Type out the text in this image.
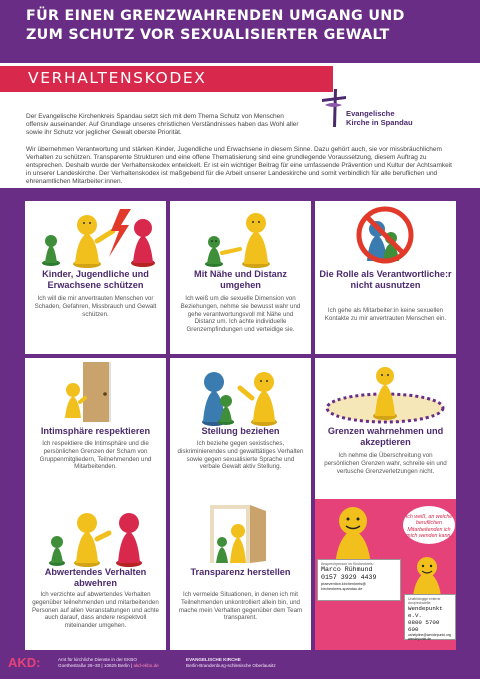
FÜR EINEN GRENZWAHRENDEN UMGANG UND
ZUM SCHUTZ VOR SEXUALISIERTER GEWALT
VERHALTENSKODEX
Evangelische
Kirche in Spandau
Der Evangelische Kirchenkreis Spandau setzt sich mit dem Thema Schutz von Menschen offensiv auseinander. Auf Grundlage unseres christlichen Verständnisses haben das Wohl aller sowie ihr Schutz vor jeglicher Gewalt oberste Priorität.
Wir übernehmen Verantwortung und stärken Kinder, Jugendliche und Erwachsene in diesem Sinne. Dazu gehört auch, sie vor missbräuchlichem Verhalten zu schützen. Transparente Strukturen und eine offene Thematisierung sind eine grundlegende Voraussetzung, diesem Auftrag zu entsprechen. Deshalb wurde der Verhaltenskodex entwickelt. Er ist ein wichtiger Beitrag für eine umfassende Prävention und Kultur der Achtsamkeit in unserer Landeskirche. Der Verhaltenskodex ist maßgebend für die Arbeit unserer Landeskirche und somit verbindlich für alle beruflichen und ehrenamtlichen Mitarbeiter:innen.
Kinder, Jugendliche und Erwachsene schützen

Ich will die mir anvertrauten Menschen vor Schaden, Gefahren, Missbrauch und Gewalt schützen.

Mit Nähe und Distanz umgehen

Ich weiß um die sexuelle Dimension von Beziehungen, nehme sie bewusst wahr und gehe verantwortungsvoll mit Nähe und Distanz um. Ich achte individuelle Grenzempfindungen und verteidige sie.

Die Rolle als Verantwortliche:r nicht ausnutzen

Ich gehe als Mitarbeiter:in keine sexuellen Kontakte zu mir anvertrauten Menschen ein.

Intimsphäre respektieren

Ich respektiere die Intimsphäre und die persönlichen Grenzen der Scham von Gruppenmitgliedern, Teilnehmenden und Mitarbeitenden.

Stellung beziehen

Ich beziehe gegen sexistisches, diskriminierendes und gewalttätiges Verhalten sowie gegen sexualisierte Sprache und verbale Gewalt aktiv Stellung.

Grenzen wahrnehmen und akzeptieren

Ich nehme die Überschreitung von persönlichen Grenzen wahr, schreite ein und vertusche Grenzverletzungen nicht.

Abwertendes Verhalten abwehren

Ich verzichte auf abwertendes Verhalten gegenüber teilnehmenden und mitarbeitenden Personen auf allen Veranstaltungen und achte auch darauf, dass andere respektvoll miteinander umgehen.

Transparenz herstellen

Ich vermeide Situationen, in denen ich mit Teilnehmenden unkontrolliert allein bin, und mache mein Verhalten gegenüber dem Team transparent.

Ich weiß, an welche beruflichen Mitarbeitenden ich mich wenden kann.
Ansprechperson im Kirchenkreis:
Marco Rühmund
0157 3929 4439
praevention.kirchenkreis@
kirchenkreis-spandau.de
Unabhängige externe Ansprechstelle:
Wendepunkt e.V.
0800 5700 600
ushelpline@wendepunkt.org
wendepunkt.de
AKD:	Amt für kirchliche Dienste in der EKBO
Goethestraße 26–30 | 10625 Berlin | akd-ekbo.de
EVANGELISCHE KIRCHE
Berlin-Brandenburg-schlesische Oberlausitz
